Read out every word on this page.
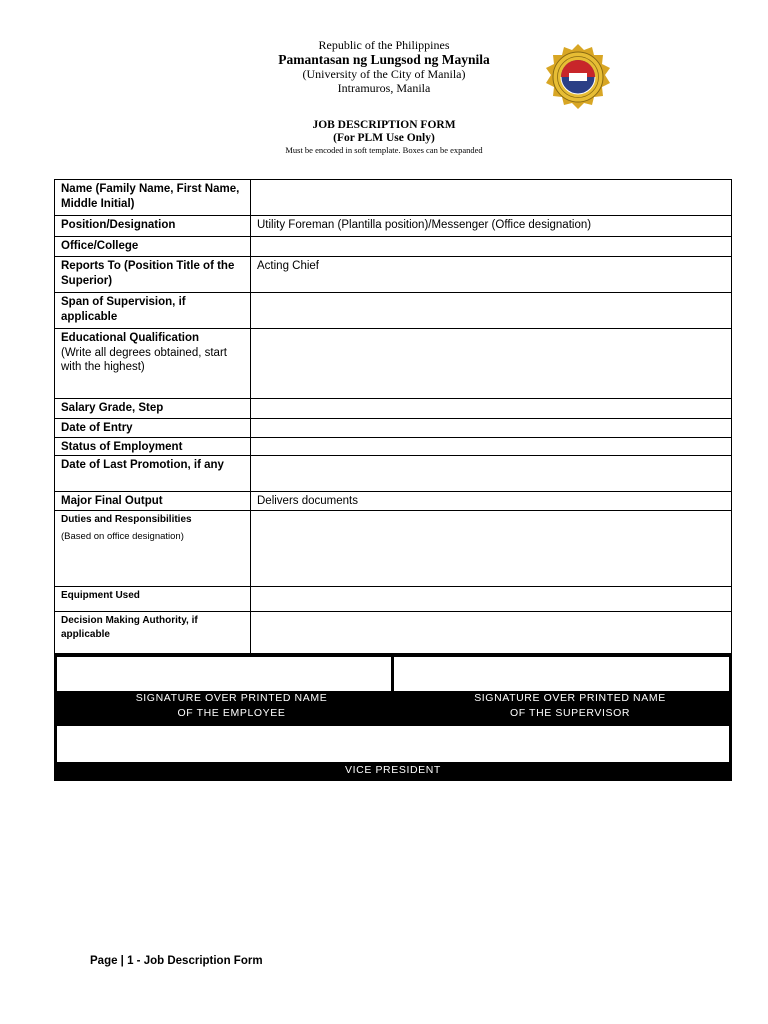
Republic of the Philippines
Pamantasan ng Lungsod ng Maynila
(University of the City of Manila)
Intramuros, Manila
JOB DESCRIPTION FORM
(For PLM Use Only)
Must be encoded in soft template. Boxes can be expanded
Name (Family Name, First Name, Middle Initial)	
Position/Designation	Utility Foreman (Plantilla position)/Messenger (Office designation)
Office/College	
Reports To (Position Title of the Superior)	Acting Chief
Span of Supervision, if applicable	
Educational Qualification
(Write all degrees obtained, start with the highest)	
Salary Grade, Step	
Date of Entry	
Status of Employment	
Date of Last Promotion, if any	
Major Final Output	Delivers documents
Duties and Responsibilities
(Based on office designation)	

Equipment Used	
Decision Making Authority, if applicable	
SIGNATURE OVER PRINTED NAME
OF THE EMPLOYEE
SIGNATURE OVER PRINTED NAME
OF THE SUPERVISOR
VICE PRESIDENT
Page | 1 - Job Description Form
